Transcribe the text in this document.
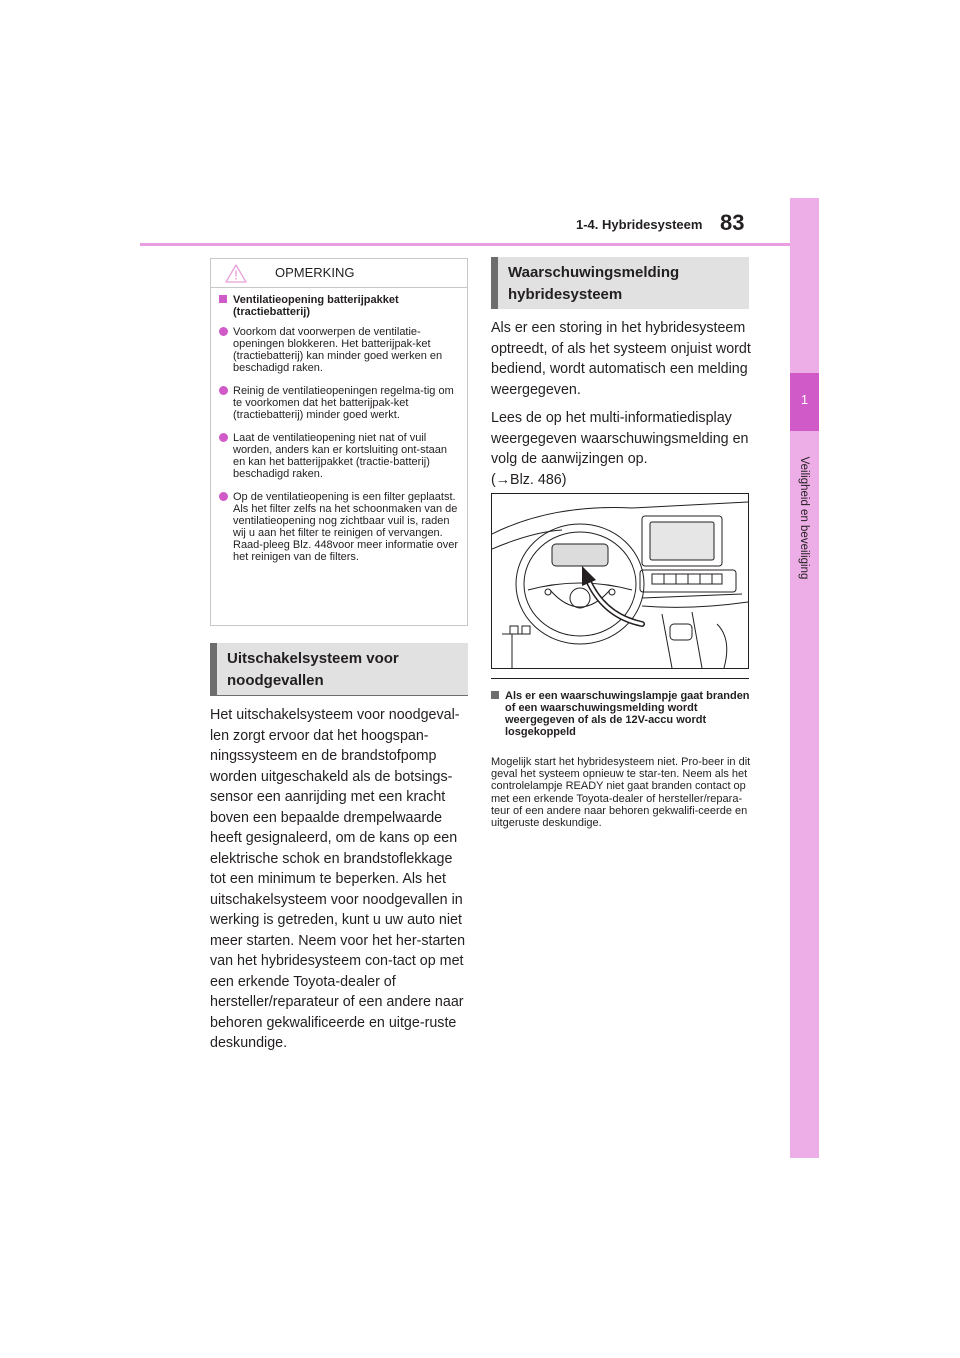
1-4. Hybridesysteem 83
1
Veiligheid en beveiliging
OPMERKING
Ventilatieopening batterijpakket (tractiebatterij)
Voorkom dat voorwerpen de ventilatie-openingen blokkeren. Het batterijpak-ket (tractiebatterij) kan minder goed werken en beschadigd raken.
Reinig de ventilatieopeningen regelma-tig om te voorkomen dat het batterijpak-ket (tractiebatterij) minder goed werkt.
Laat de ventilatieopening niet nat of vuil worden, anders kan er kortsluiting ont-staan en kan het batterijpakket (tractie-batterij) beschadigd raken.
Op de ventilatieopening is een filter geplaatst. Als het filter zelfs na het schoonmaken van de ventilatieopening nog zichtbaar vuil is, raden wij u aan het filter te reinigen of vervangen. Raad-pleeg Blz. 448voor meer informatie over het reinigen van de filters.
Uitschakelsysteem voor noodgevallen
Het uitschakelsysteem voor noodgeval-len zorgt ervoor dat het hoogspan-ningssysteem en de brandstofpomp worden uitgeschakeld als de botsings-sensor een aanrijding met een kracht boven een bepaalde drempelwaarde heeft gesignaleerd, om de kans op een elektrische schok en brandstoflekkage tot een minimum te beperken. Als het uitschakelsysteem voor noodgevallen in werking is getreden, kunt u uw auto niet meer starten. Neem voor het her-starten van het hybridesysteem con-tact op met een erkende Toyota-dealer of hersteller/reparateur of een andere naar behoren gekwalificeerde en uitge-ruste deskundige.
Waarschuwingsmelding hybridesysteem

Als er een storing in het hybridesysteem optreedt, of als het systeem onjuist wordt bediend, wordt automatisch een melding weergegeven.

Lees de op het multi-informatiedisplay weergegeven waarschuwingsmelding en volg de aanwijzingen op.

(→Blz. 486)

Als er een waarschuwingslampje gaat branden of een waarschuwingsmelding wordt weergegeven of als de 12V-accu wordt losgekoppeld
Mogelijk start het hybridesysteem niet. Pro-beer in dit geval het systeem opnieuw te star-ten. Neem als het controlelampje READY niet gaat branden contact op met een erkende Toyota-dealer of hersteller/repara-teur of een andere naar behoren gekwalifi-ceerde en uitgeruste deskundige.
